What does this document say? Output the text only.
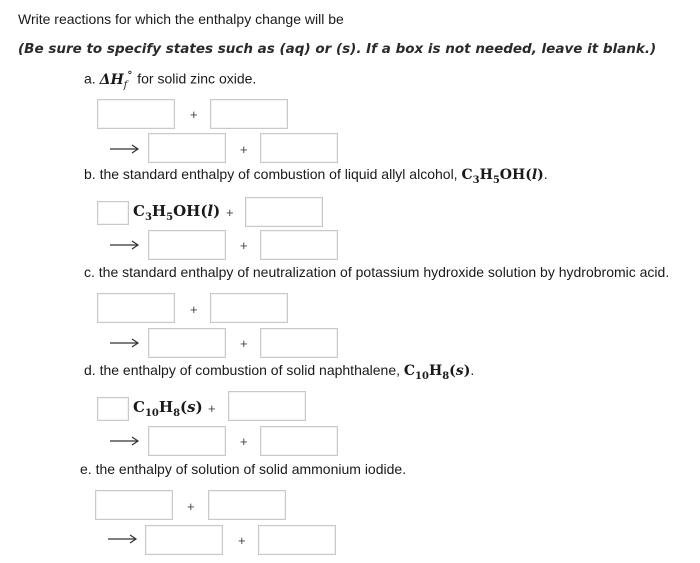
Write reactions for which the enthalpy change will be
(Be sure to specify states such as (aq) or (s). If a box is not needed, leave it blank.)
a. $\Delta H_f^\circ$ for solid zinc oxide.
+
+
b. the standard enthalpy of combustion of liquid allyl alcohol, $C_3H_5OH(l)$.
$C_3H_5OH(l)$ +
+
c. the standard enthalpy of neutralization of potassium hydroxide solution by hydrobromic acid.
+
+
d. the enthalpy of combustion of solid naphthalene, $C_{10}H_8(s)$.
$C_{10}H_8(s)$ +
+
e. the enthalpy of solution of solid ammonium iodide.
+
+
